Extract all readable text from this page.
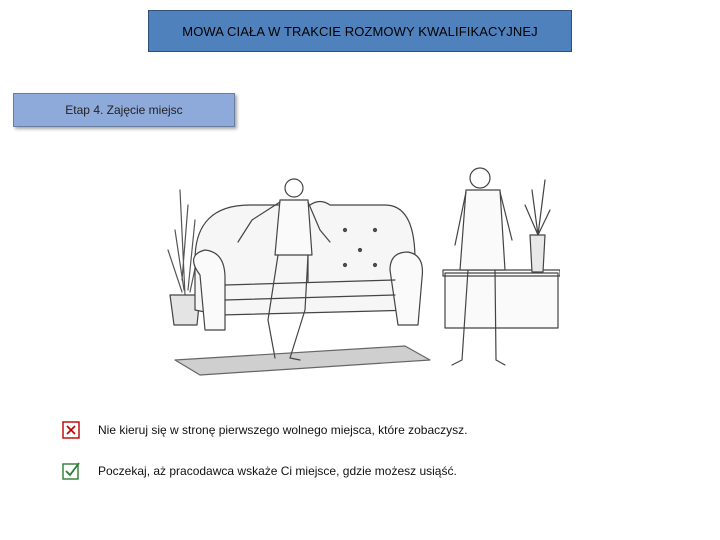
MOWA CIAŁA W TRAKCIE ROZMOWY KWALIFIKACYJNEJ
Etap 4. Zajęcie miejsc
Nie kieruj się w stronę pierwszego wolnego miejsca, które zobaczysz.
Poczekaj, aż pracodawca wskaże Ci miejsce, gdzie możesz usiąść.
